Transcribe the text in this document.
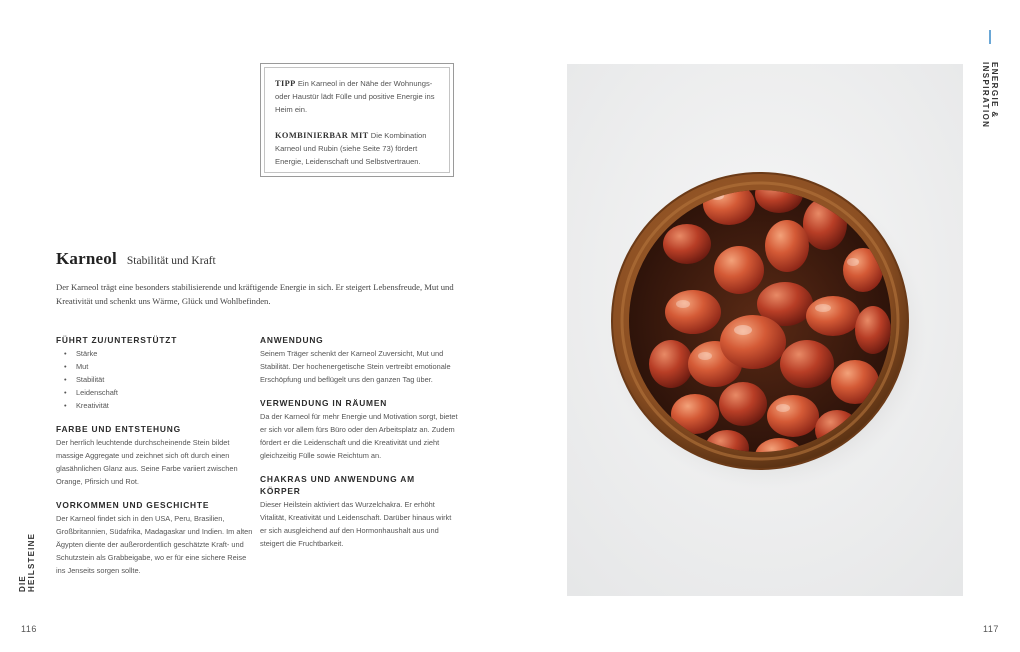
TIPP Ein Karneol in der Nähe der Wohnungs- oder Haustür lädt Fülle und positive Energie ins Heim ein.

KOMBINIERBAR MIT Die Kombination Karneol und Rubin (siehe Seite 73) fördert Energie, Leidenschaft und Selbstvertrauen.

Karneol Stabilität und Kraft

Der Karneol trägt eine besonders stabilisierende und kräftigende Energie in sich. Er steigert Lebensfreude, Mut und Kreativität und schenkt uns Wärme, Glück und Wohlbefinden.

FÜHRT ZU/UNTERSTÜTZT
• Stärke
• Mut
• Stabilität
• Leidenschaft
• Kreativität
FARBE UND ENTSTEHUNG

Der herrlich leuchtende durchscheinende Stein bildet massige Aggregate und zeichnet sich oft durch einen glasähnlichen Glanz aus. Seine Farbe variiert zwischen Orange, Pfirsich und Rot.

VORKOMMEN UND GESCHICHTE

Der Karneol findet sich in den USA, Peru, Brasilien, Großbritannien, Südafrika, Madagaskar und Indien. Im alten Ägypten diente der außerordentlich geschätzte Kraft- und Schutzstein als Grabbeigabe, wo er für eine sichere Reise ins Jenseits sorgen sollte.

ANWENDUNG

Seinem Träger schenkt der Karneol Zuversicht, Mut und Stabilität. Der hochenergetische Stein vertreibt emotionale Erschöpfung und beflügelt uns den ganzen Tag über.

VERWENDUNG IN RÄUMEN

Da der Karneol für mehr Energie und Motivation sorgt, bietet er sich vor allem fürs Büro oder den Arbeitsplatz an. Zudem fördert er die Leidenschaft und die Kreativität und zieht gleichzeitig Fülle sowie Reichtum an.

CHAKRAS UND ANWENDUNG AM KÖRPER

Dieser Heilstein aktiviert das Wurzelchakra. Er erhöht Vitalität, Kreativität und Leidenschaft. Darüber hinaus wirkt er sich ausgleichend auf den Hormonhaushalt aus und steigert die Fruchtbarkeit.

DIE HEILSTEINE
ENERGIE & INSPIRATION
116	117
